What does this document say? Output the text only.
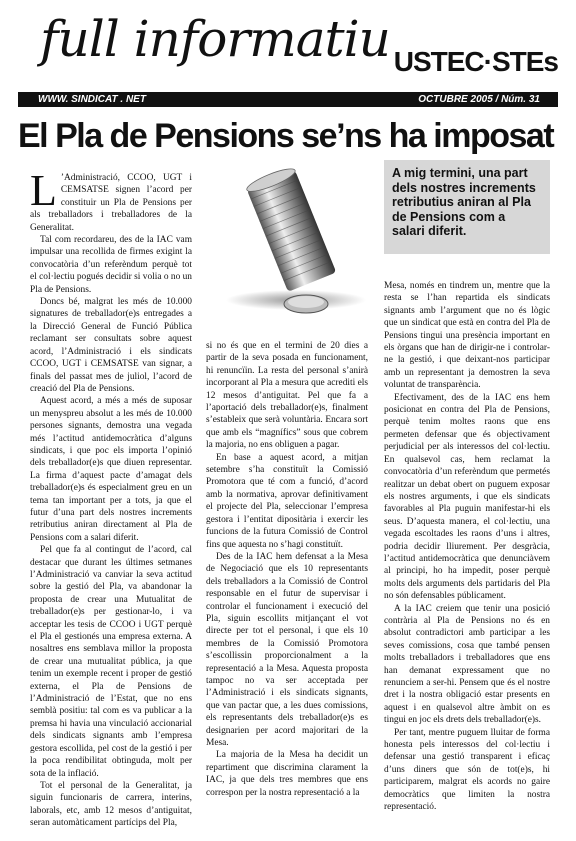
full informatiu USTEC·STEs
WWW. SINDICAT . NET	OCTUBRE 2005 / Núm. 31
El Pla de Pensions se’ns ha imposat

L ’Administració, CCOO, UGT i CEMSATSE signen l’acord per constituir un Pla de Pensions per als treballadors i treballadores de la Generalitat.

Tal com recordareu, des de la IAC vam impulsar una recollida de firmes exigint la convocatòria d’un referèndum perquè tot el col·lectiu pogués decidir si volia o no un Pla de Pensions.

Doncs bé, malgrat les més de 10.000 signatures de treballador(e)s entregades a la Direcció General de Funció Pública reclamant ser consultats sobre aquest acord, l’Administració i els sindicats CCOO, UGT i CEMSATSE van signar, a finals del passat mes de juliol, l’acord de creació del Pla de Pensions.

Aquest acord, a més a més de suposar un menyspreu absolut a les més de 10.000 persones signants, demostra una vegada més l’actitud antidemocràtica d’alguns sindicats, i que poc els importa l’opinió dels treballador(e)s que diuen representar. La firma d’aquest pacte d’amagat dels treballador(e)s és especialment greu en un tema tan important per a tots, ja que el futur d’una part dels nostres increments retributius aniran directament al Pla de Pensions com a salari diferit.

Pel que fa al contingut de l’acord, cal destacar que durant les últimes setmanes l’Administració va canviar la seva actitud sobre la gestió del Pla, va abandonar la proposta de crear una Mutualitat de treballador(e)s per gestionar-lo, i va acceptar les tesis de CCOO i UGT perquè el Pla el gestionés una empresa externa. A nosaltres ens semblava millor la proposta de crear una mutualitat pública, ja que tenim un exemple recent i proper de gestió externa, el Pla de Pensions de l’Administració de l’Estat, que no ens semblà positiu: tal com es va publicar a la premsa hi havia una vinculació accionarial dels sindicats signants amb l’empresa gestora escollida, pel cost de la gestió i per la poca rendibilitat obtinguda, molt per sota de la inflació.

Tot el personal de la Generalitat, ja siguin funcionaris de carrera, interins, laborals, etc, amb 12 mesos d’antiguitat, seran automàticament partícips del Pla,

si no és que en el termini de 20 dies a partir de la seva posada en funcionament, hi renuncïin. La resta del personal s’anirà incorporant al Pla a mesura que acrediti els 12 mesos d’antiguitat. Pel que fa a l’aportació dels treballador(e)s, finalment s’estableix que serà voluntària. Encara sort que amb els “magnífics” sous que cobrem la majoria, no ens obliguen a pagar.

En base a aquest acord, a mitjan setembre s’ha constituït la Comissió Promotora que té com a funció, d’acord amb la normativa, aprovar definitivament el projecte del Pla, seleccionar l’empresa gestora i l’entitat dipositària i exercir les funcions de la futura Comissió de Control fins que aquesta no s’hagi constituït.

Des de la IAC hem defensat a la Mesa de Negociació que els 10 representants dels treballadors a la Comissió de Control responsable en el futur de supervisar i controlar el funcionament i execució del Pla, siguin escollits mitjançant el vot directe per tot el personal, i que els 10 membres de la Comissió Promotora s’escollissin proporcionalment a la representació a la Mesa. Aquesta proposta tampoc no va ser acceptada per l’Administració i els sindicats signants, que van pactar que, a les dues comissions, els representants dels treballador(e)s es designarien per acord majoritari de la Mesa.

La majoria de la Mesa ha decidit un repartiment que discrimina clarament la IAC, ja que dels tres membres que ens correspon per la nostra representació a la

A mig termini, una part dels nostres increments retributius aniran al Pla de Pensions com a salari diferit.

Mesa, només en tindrem un, mentre que la resta se l’han repartida els sindicats signants amb l’argument que no és lògic que un sindicat que està en contra del Pla de Pensions tingui una presència important en els òrgans que han de dirigir-ne i controlar-ne la gestió, i que deixant-nos participar amb un representant ja demostren la seva voluntat de transparència.

Efectivament, des de la IAC ens hem posicionat en contra del Pla de Pensions, perquè tenim moltes raons que ens permeten defensar que és objectivament perjudicial per als interessos del col·lectiu. En qualsevol cas, hem reclamat la convocatòria d’un referèndum que permetés realitzar un debat obert on puguem exposar els nostres arguments, i que els sindicats favorables al Pla puguin manifestar-hi els seus. D’aquesta manera, el col·lectiu, una vegada escoltades les raons d’uns i altres, podria decidir lliurement. Per desgràcia, l’actitud antidemocràtica que denunciàvem al principi, ho ha impedit, poser perquè molts dels arguments dels partidaris del Pla no són defensables públicament.

A la IAC creiem que tenir una posició contrària al Pla de Pensions no és en absolut contradictori amb participar a les seves comissions, cosa que també pensen molts treballadors i treballadores que ens han demanat expressament que no renunciem a ser-hi. Pensem que és el nostre dret i la nostra obligació estar presents en aquest i en qualsevol altre àmbit on es tingui en joc els drets dels treballador(e)s.

Per tant, mentre puguem lluitar de forma honesta pels interessos del col·lectiu i defensar una gestió transparent i eficaç d’uns diners que són de tot(e)s, hi participarem, malgrat els acords no gaire democràtics que limiten la nostra representació.
